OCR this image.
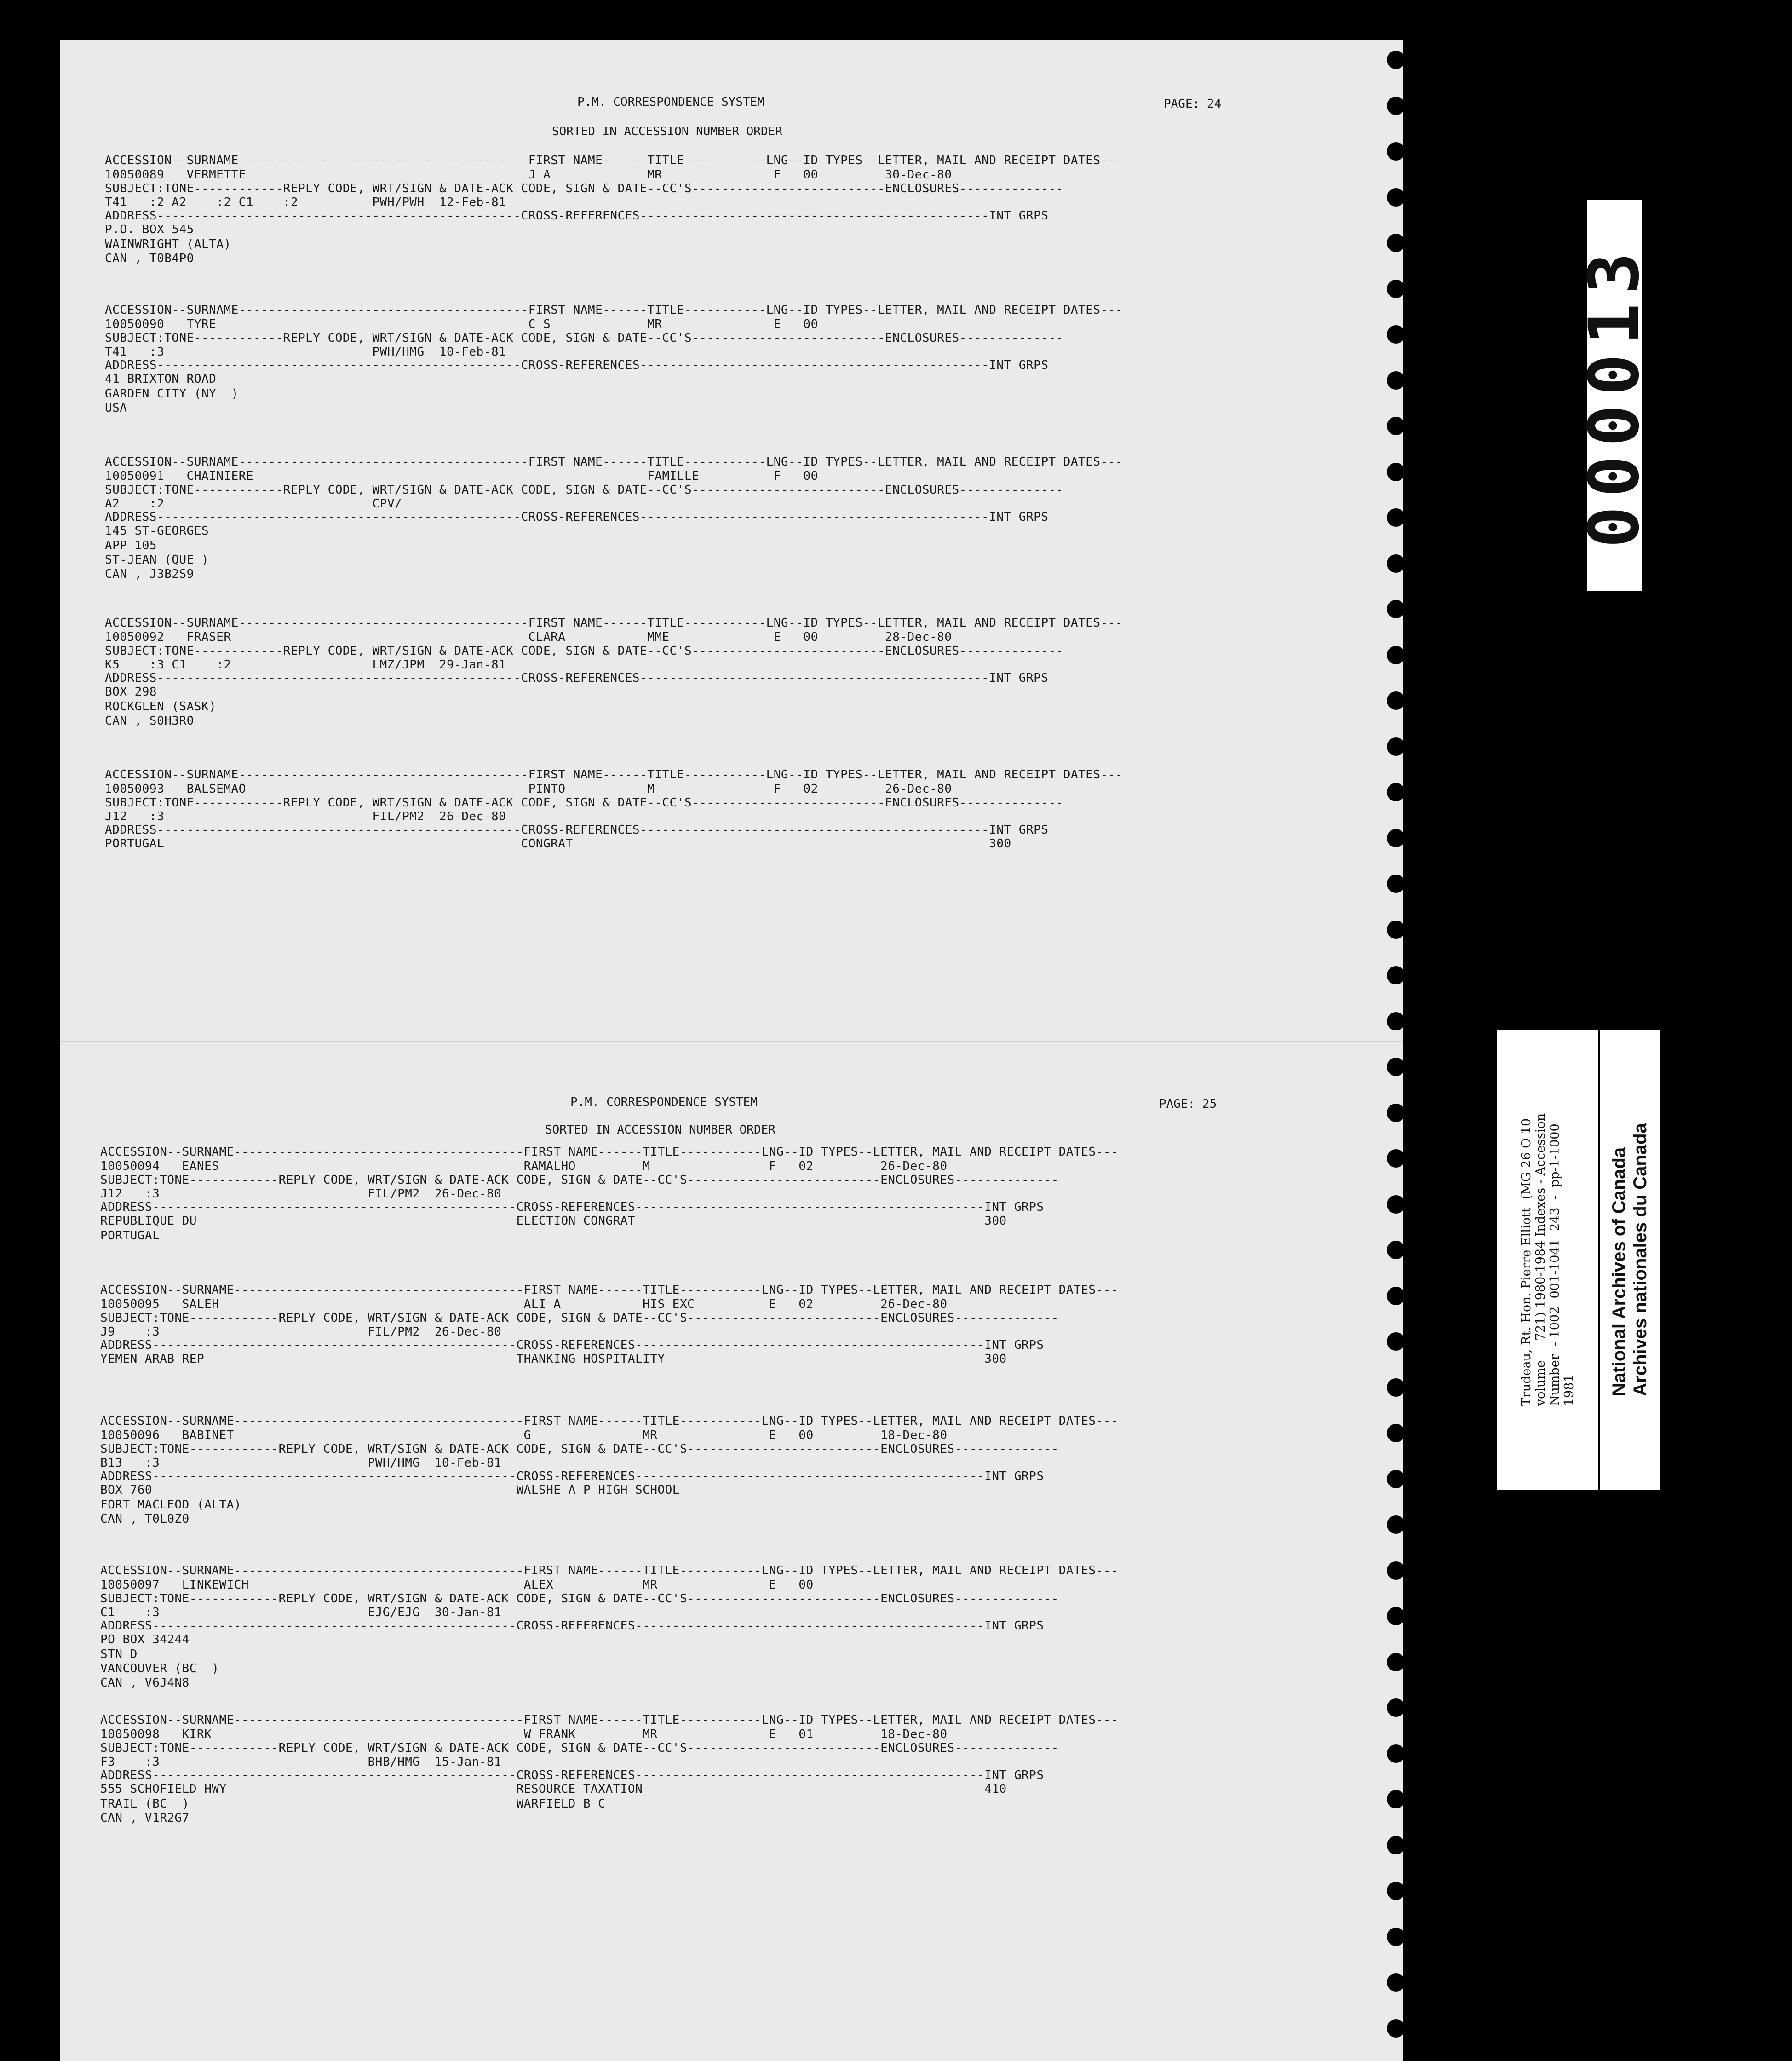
P.M. CORRESPONDENCE SYSTEM	PAGE: 24
SORTED IN ACCESSION NUMBER ORDER
ACCESSION--SURNAME---------------------------------------FIRST NAME------TITLE-----------LNG--ID TYPES--LETTER, MAIL AND RECEIPT DATES---
10050089   VERMETTE                                      J A             MR               F   00         30-Dec-80
SUBJECT:TONE------------REPLY CODE, WRT/SIGN & DATE-ACK CODE, SIGN & DATE--CC'S--------------------------ENCLOSURES--------------
T41   :2 A2    :2 C1    :2          PWH/PWH  12-Feb-81
ADDRESS-------------------------------------------------CROSS-REFERENCES-----------------------------------------------INT GRPS
P.O. BOX 545
WAINWRIGHT (ALTA)
CAN , T0B4P0
ACCESSION--SURNAME---------------------------------------FIRST NAME------TITLE-----------LNG--ID TYPES--LETTER, MAIL AND RECEIPT DATES---
10050090   TYRE                                          C S             MR               E   00
SUBJECT:TONE------------REPLY CODE, WRT/SIGN & DATE-ACK CODE, SIGN & DATE--CC'S--------------------------ENCLOSURES--------------
T41   :3                            PWH/HMG  10-Feb-81
ADDRESS-------------------------------------------------CROSS-REFERENCES-----------------------------------------------INT GRPS
41 BRIXTON ROAD
GARDEN CITY (NY  )
USA
ACCESSION--SURNAME---------------------------------------FIRST NAME------TITLE-----------LNG--ID TYPES--LETTER, MAIL AND RECEIPT DATES---
10050091   CHAINIERE                                                     FAMILLE          F   00
SUBJECT:TONE------------REPLY CODE, WRT/SIGN & DATE-ACK CODE, SIGN & DATE--CC'S--------------------------ENCLOSURES--------------
A2    :2                            CPV/
ADDRESS-------------------------------------------------CROSS-REFERENCES-----------------------------------------------INT GRPS
145 ST-GEORGES
APP 105
ST-JEAN (QUE )
CAN , J3B2S9
ACCESSION--SURNAME---------------------------------------FIRST NAME------TITLE-----------LNG--ID TYPES--LETTER, MAIL AND RECEIPT DATES---
10050092   FRASER                                        CLARA           MME              E   00         28-Dec-80
SUBJECT:TONE------------REPLY CODE, WRT/SIGN & DATE-ACK CODE, SIGN & DATE--CC'S--------------------------ENCLOSURES--------------
K5    :3 C1    :2                   LMZ/JPM  29-Jan-81
ADDRESS-------------------------------------------------CROSS-REFERENCES-----------------------------------------------INT GRPS
BOX 298
ROCKGLEN (SASK)
CAN , S0H3R0
ACCESSION--SURNAME---------------------------------------FIRST NAME------TITLE-----------LNG--ID TYPES--LETTER, MAIL AND RECEIPT DATES---
10050093   BALSEMAO                                      PINTO           M                F   02         26-Dec-80
SUBJECT:TONE------------REPLY CODE, WRT/SIGN & DATE-ACK CODE, SIGN & DATE--CC'S--------------------------ENCLOSURES--------------
J12   :3                            FIL/PM2  26-Dec-80
ADDRESS-------------------------------------------------CROSS-REFERENCES-----------------------------------------------INT GRPS
PORTUGAL                                                CONGRAT                                                        300
P.M. CORRESPONDENCE SYSTEM	PAGE: 25
SORTED IN ACCESSION NUMBER ORDER
ACCESSION--SURNAME---------------------------------------FIRST NAME------TITLE-----------LNG--ID TYPES--LETTER, MAIL AND RECEIPT DATES---
10050094   EANES                                         RAMALHO         M                F   02         26-Dec-80
SUBJECT:TONE------------REPLY CODE, WRT/SIGN & DATE-ACK CODE, SIGN & DATE--CC'S--------------------------ENCLOSURES--------------
J12   :3                            FIL/PM2  26-Dec-80
ADDRESS-------------------------------------------------CROSS-REFERENCES-----------------------------------------------INT GRPS
REPUBLIQUE DU                                           ELECTION CONGRAT                                               300
PORTUGAL
ACCESSION--SURNAME---------------------------------------FIRST NAME------TITLE-----------LNG--ID TYPES--LETTER, MAIL AND RECEIPT DATES---
10050095   SALEH                                         ALI A           HIS EXC          E   02         26-Dec-80
SUBJECT:TONE------------REPLY CODE, WRT/SIGN & DATE-ACK CODE, SIGN & DATE--CC'S--------------------------ENCLOSURES--------------
J9    :3                            FIL/PM2  26-Dec-80
ADDRESS-------------------------------------------------CROSS-REFERENCES-----------------------------------------------INT GRPS
YEMEN ARAB REP                                          THANKING HOSPITALITY                                           300
ACCESSION--SURNAME---------------------------------------FIRST NAME------TITLE-----------LNG--ID TYPES--LETTER, MAIL AND RECEIPT DATES---
10050096   BABINET                                       G               MR               E   00         18-Dec-80
SUBJECT:TONE------------REPLY CODE, WRT/SIGN & DATE-ACK CODE, SIGN & DATE--CC'S--------------------------ENCLOSURES--------------
B13   :3                            PWH/HMG  10-Feb-81
ADDRESS-------------------------------------------------CROSS-REFERENCES-----------------------------------------------INT GRPS
BOX 760                                                 WALSHE A P HIGH SCHOOL
FORT MACLEOD (ALTA)
CAN , T0L0Z0
ACCESSION--SURNAME---------------------------------------FIRST NAME------TITLE-----------LNG--ID TYPES--LETTER, MAIL AND RECEIPT DATES---
10050097   LINKEWICH                                     ALEX            MR               E   00
SUBJECT:TONE------------REPLY CODE, WRT/SIGN & DATE-ACK CODE, SIGN & DATE--CC'S--------------------------ENCLOSURES--------------
C1    :3                            EJG/EJG  30-Jan-81
ADDRESS-------------------------------------------------CROSS-REFERENCES-----------------------------------------------INT GRPS
PO BOX 34244
STN D
VANCOUVER (BC  )
CAN , V6J4N8
ACCESSION--SURNAME---------------------------------------FIRST NAME------TITLE-----------LNG--ID TYPES--LETTER, MAIL AND RECEIPT DATES---
10050098   KIRK                                          W FRANK         MR               E   01         18-Dec-80
SUBJECT:TONE------------REPLY CODE, WRT/SIGN & DATE-ACK CODE, SIGN & DATE--CC'S--------------------------ENCLOSURES--------------
F3    :3                            BHB/HMG  15-Jan-81
ADDRESS-------------------------------------------------CROSS-REFERENCES-----------------------------------------------INT GRPS
555 SCHOFIELD HWY                                       RESOURCE TAXATION                                              410
TRAIL (BC  )                                            WARFIELD B C
CAN , V1R2G7
000013
Trudeau, Rt. Hon. Pierre Elliott  (MG 26 O 10
volume     721) 1980-1984 Indexes - Accession
Number  - 1002  001-1041  243  -  pp-1-1000
1981 National Archives of Canada
Archives nationales du Canada
